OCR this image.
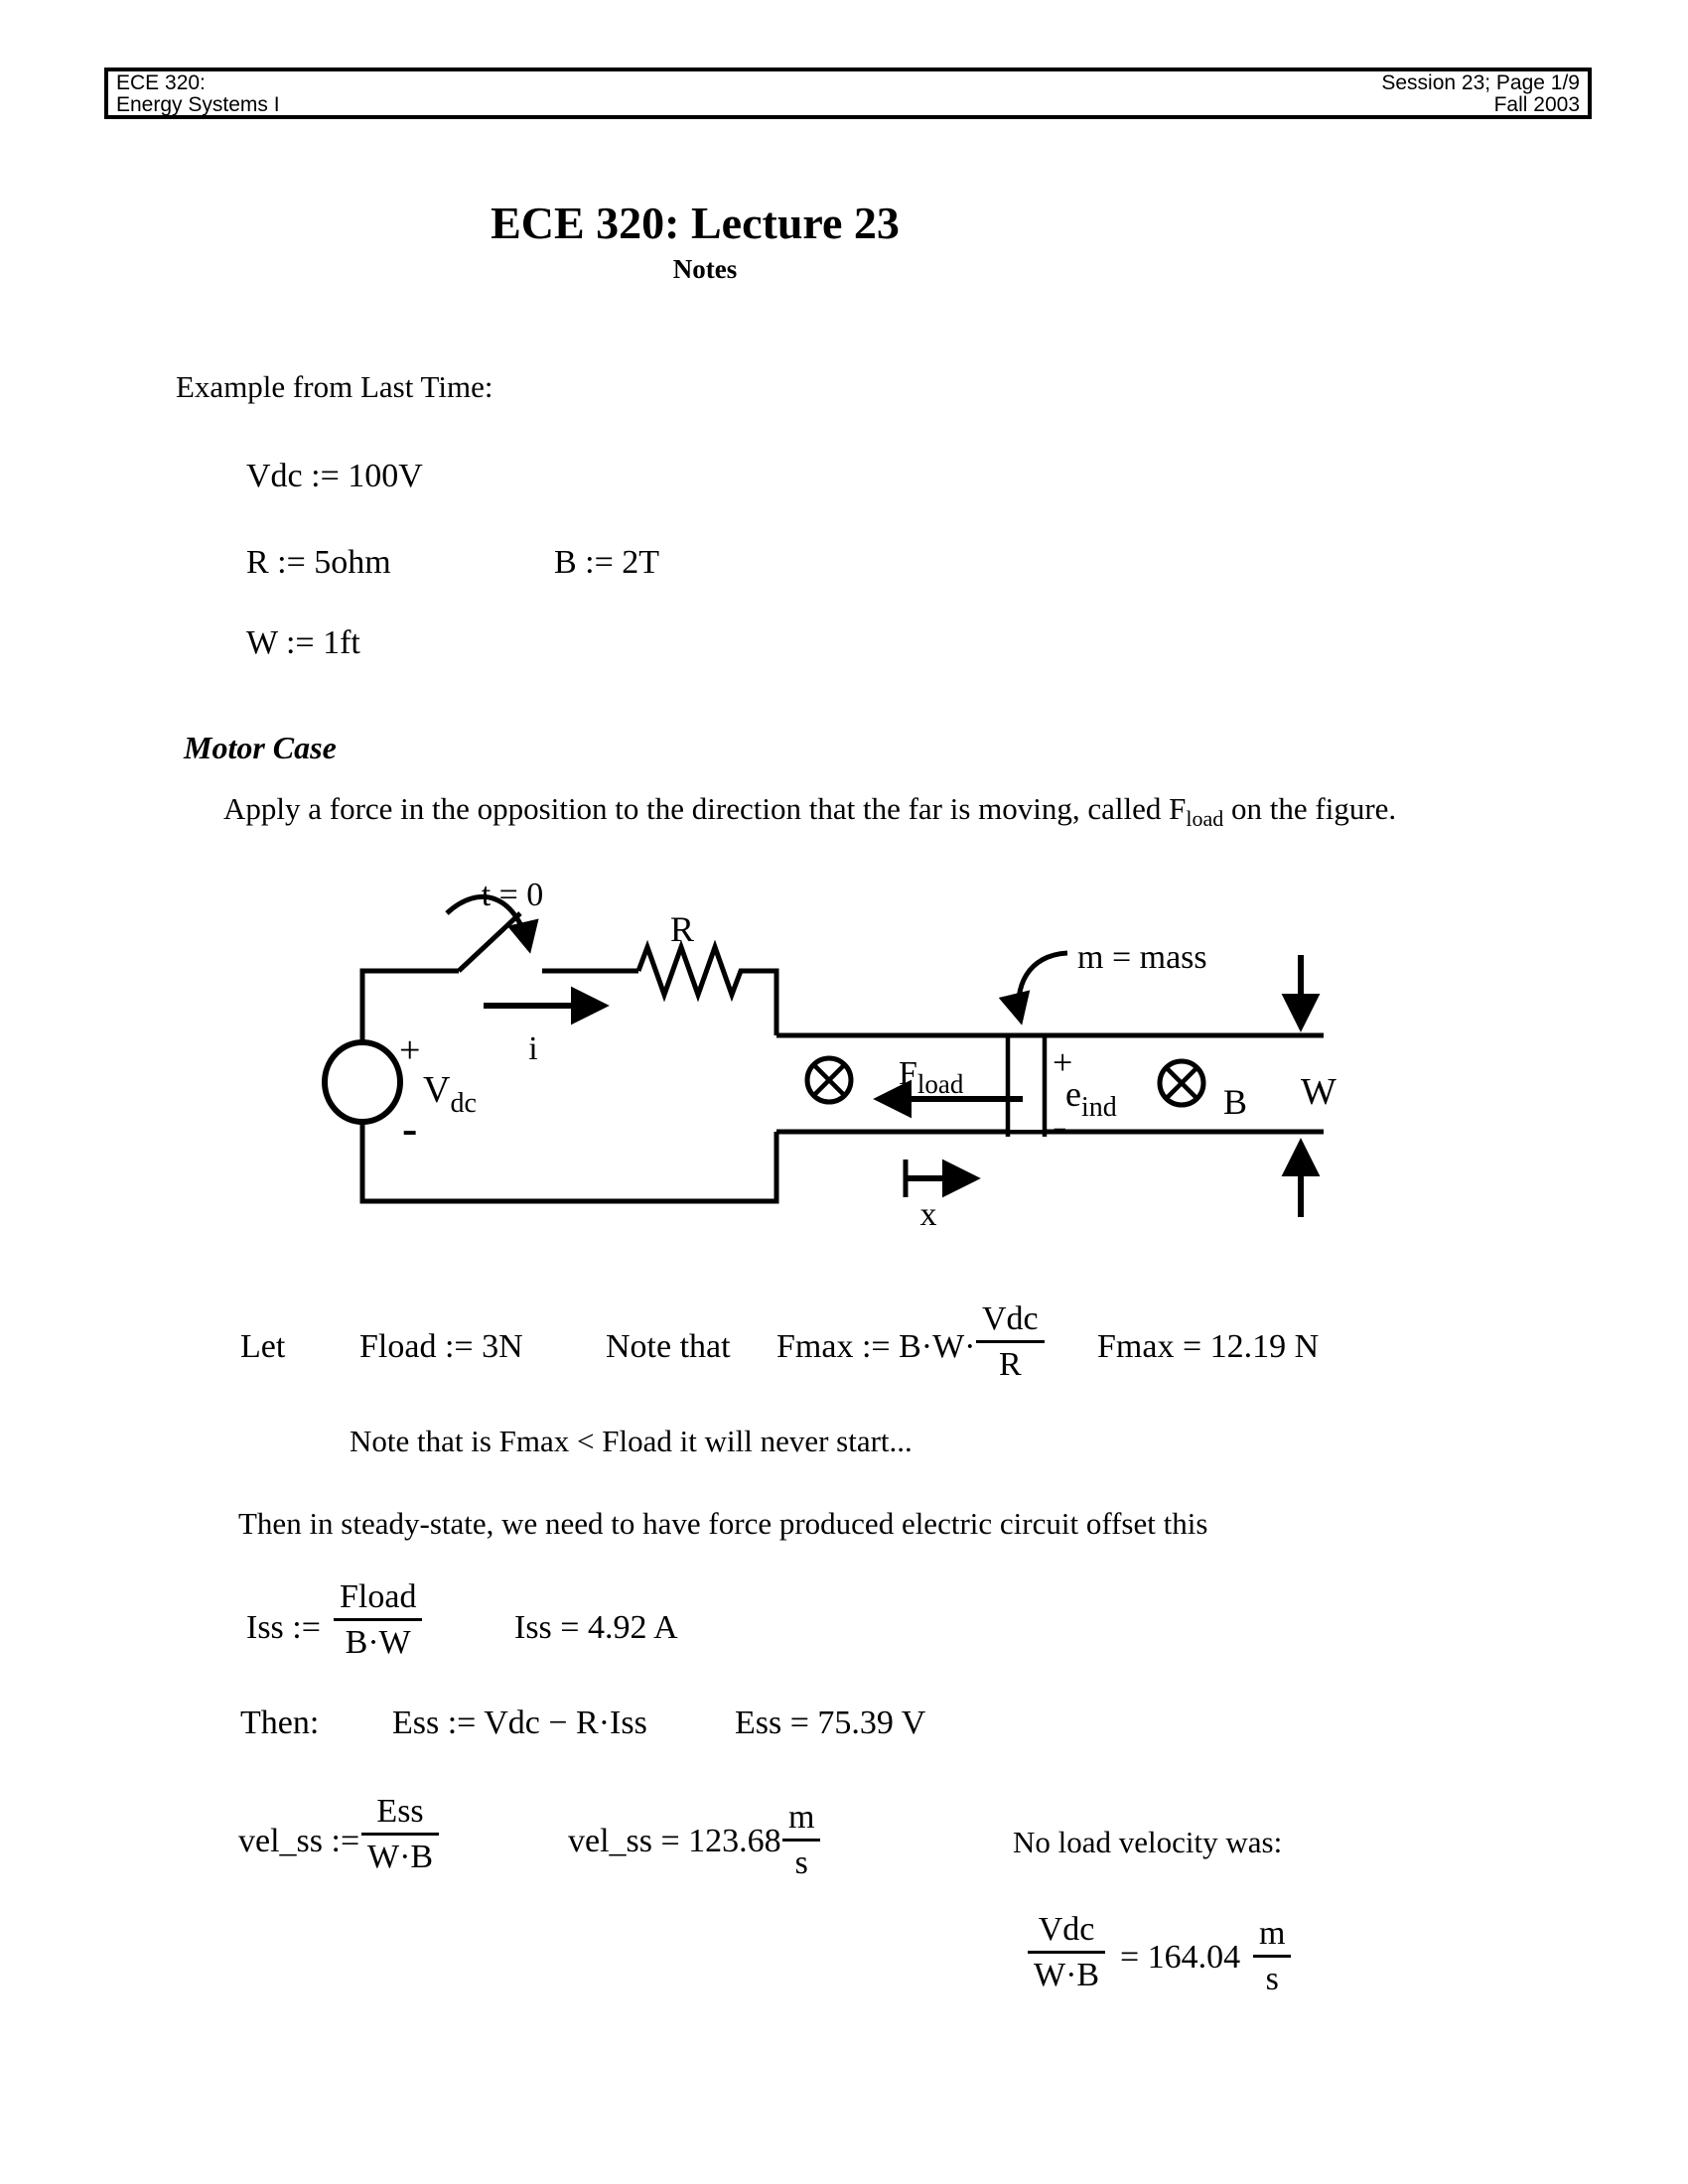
ECE 320:
Energy Systems I
Session 23; Page 1/9
Fall 2003
ECE 320: Lecture 23
Notes
Example from Last Time:
Vdc := 100V
R := 5ohm	B := 2T
W := 1ft
Motor Case
Apply a force in the opposition to the direction that the far is moving, called $F_{load}$ on the figure.
t = 0
R
i
+
$V_{dc}$
-
m = mass
$F_{load}$
+
$e_{ind}$
-	B W
x
Let Fload := 3N Note that Fmax := B·W·
Vdc
R	Fmax = 12.19 N
Note that is Fmax < Fload it will never start...
Then in steady-state, we need to have force produced electric circuit offset this
Iss :=
Fload
B·W	Iss = 4.92 A
Then: Ess := Vdc − R·Iss	Ess = 75.39 V
vel_ss :=
Ess
W·B	vel_ss = $123.68 \frac{m}{s}$	No load velocity was:
Vdc
$W\cdot B = 164.04 \frac{m}{s}$
